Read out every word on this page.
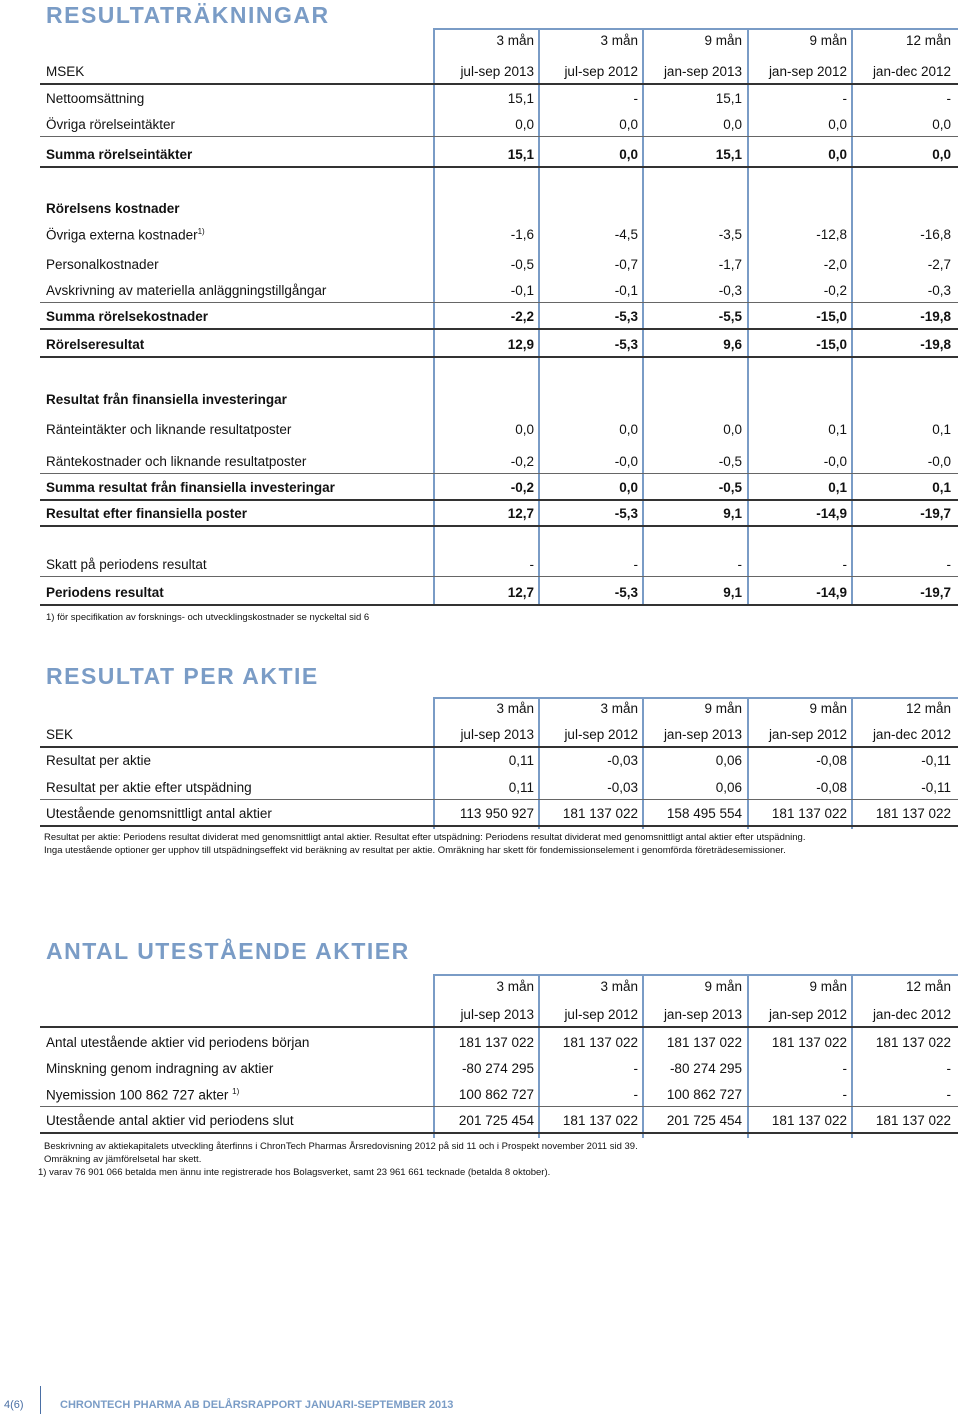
RESULTATRÄKNINGAR
3 mån	3 mån	9 mån	9 mån	12 mån
MSEK	jul-sep 2013	jul-sep 2012	jan-sep 2013	jan-sep 2012	jan-dec 2012
Nettoomsättning	15,1	-	15,1	-	-
Övriga rörelseintäkter	0,0	0,0	0,0	0,0	0,0
Summa rörelseintäkter	15,1	0,0	15,1	0,0	0,0
Rörelsens kostnader
Övriga externa kostnader$^{1)}$	-1,6	-4,5	-3,5	-12,8	-16,8
Personalkostnader	-0,5	-0,7	-1,7	-2,0	-2,7
Avskrivning av materiella anläggningstillgångar	-0,1	-0,1	-0,3	-0,2	-0,3
Summa rörelsekostnader	-2,2	-5,3	-5,5	-15,0	-19,8
Rörelseresultat	12,9	-5,3	9,6	-15,0	-19,8
Resultat från finansiella investeringar
Ränteintäkter och liknande resultatposter	0,0	0,0	0,0	0,1	0,1
Räntekostnader och liknande resultatposter	-0,2	-0,0	-0,5	-0,0	-0,0
Summa resultat från finansiella investeringar	-0,2	0,0	-0,5	0,1	0,1
Resultat efter finansiella poster	12,7	-5,3	9,1	-14,9	-19,7
Skatt på periodens resultat	-	-	-	-	-
Periodens resultat	12,7	-5,3	9,1	-14,9	-19,7
1) för specifikation av forsknings- och utvecklingskostnader se nyckeltal sid 6
RESULTAT PER AKTIE
3 mån	3 mån	9 mån	9 mån	12 mån
SEK	jul-sep 2013	jul-sep 2012	jan-sep 2013	jan-sep 2012	jan-dec 2012
Resultat per aktie	0,11	-0,03	0,06	-0,08	-0,11
Resultat per aktie efter utspädning	0,11	-0,03	0,06	-0,08	-0,11
Utestående genomsnittligt antal aktier	113 950 927	181 137 022	158 495 554	181 137 022	181 137 022
Resultat per aktie: Periodens resultat dividerat med genomsnittligt antal aktier. Resultat efter utspädning: Periodens resultat dividerat med genomsnittligt antal aktier efter utspädning.
Inga utestående optioner ger upphov till utspädningseffekt vid beräkning av resultat per aktie. Omräkning har skett för fondemissionselement i genomförda företrädesemissioner.
ANTAL UTESTÅENDE AKTIER
3 mån	3 mån	9 mån	9 mån	12 mån
jul-sep 2013	jul-sep 2012	jan-sep 2013	jan-sep 2012	jan-dec 2012
Antal utestående aktier vid periodens början	181 137 022	181 137 022	181 137 022	181 137 022	181 137 022
Minskning genom indragning av aktier	-80 274 295	-	-80 274 295	-	-
Nyemission 100 862 727 akter $^{1)}$	100 862 727	-	100 862 727	-	-
Utestående antal aktier vid periodens slut	201 725 454	181 137 022	201 725 454	181 137 022	181 137 022
Beskrivning av aktiekapitalets utveckling återfinns i ChronTech Pharmas Årsredovisning 2012 på sid 11 och i Prospekt november 2011 sid 39.
Omräkning av jämförelsetal har skett.
1) varav 76 901 066 betalda men ännu inte registrerade hos Bolagsverket, samt 23 961 661 tecknade (betalda 8 oktober).
4(6)	CHRONTECH PHARMA AB DELÅRSRAPPORT JANUARI-SEPTEMBER 2013
